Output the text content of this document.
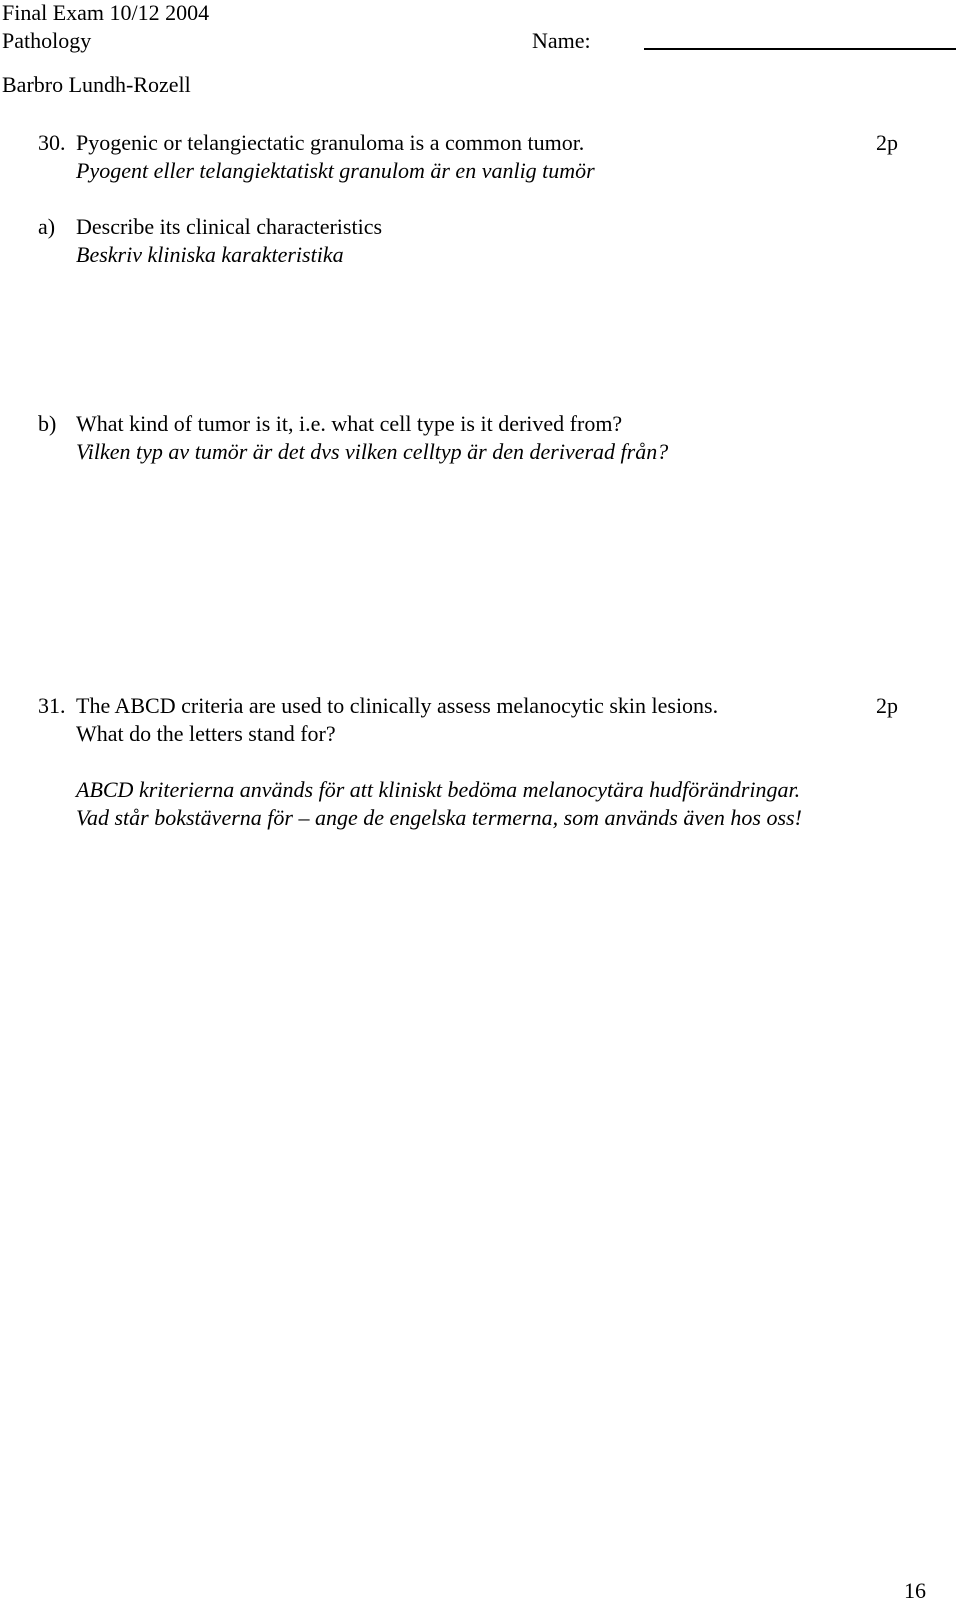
Final Exam 10/12 2004
Pathology	Name:
Barbro Lundh-Rozell
30. Pyogenic or telangiectatic granuloma is a common tumor.	2p
Pyogent eller telangiektatiskt granulom är en vanlig tumör
a) Describe its clinical characteristics
Beskriv kliniska karakteristika
b) What kind of tumor is it, i.e. what cell type is it derived from?
Vilken typ av tumör är det dvs vilken celltyp är den deriverad från?
31. The ABCD criteria are used to clinically assess melanocytic skin lesions.	2p
What do the letters stand for?
ABCD kriterierna används för att kliniskt bedöma melanocytära hudförändringar.
Vad står bokstäverna för – ange de engelska termerna, som används även hos oss!
16
